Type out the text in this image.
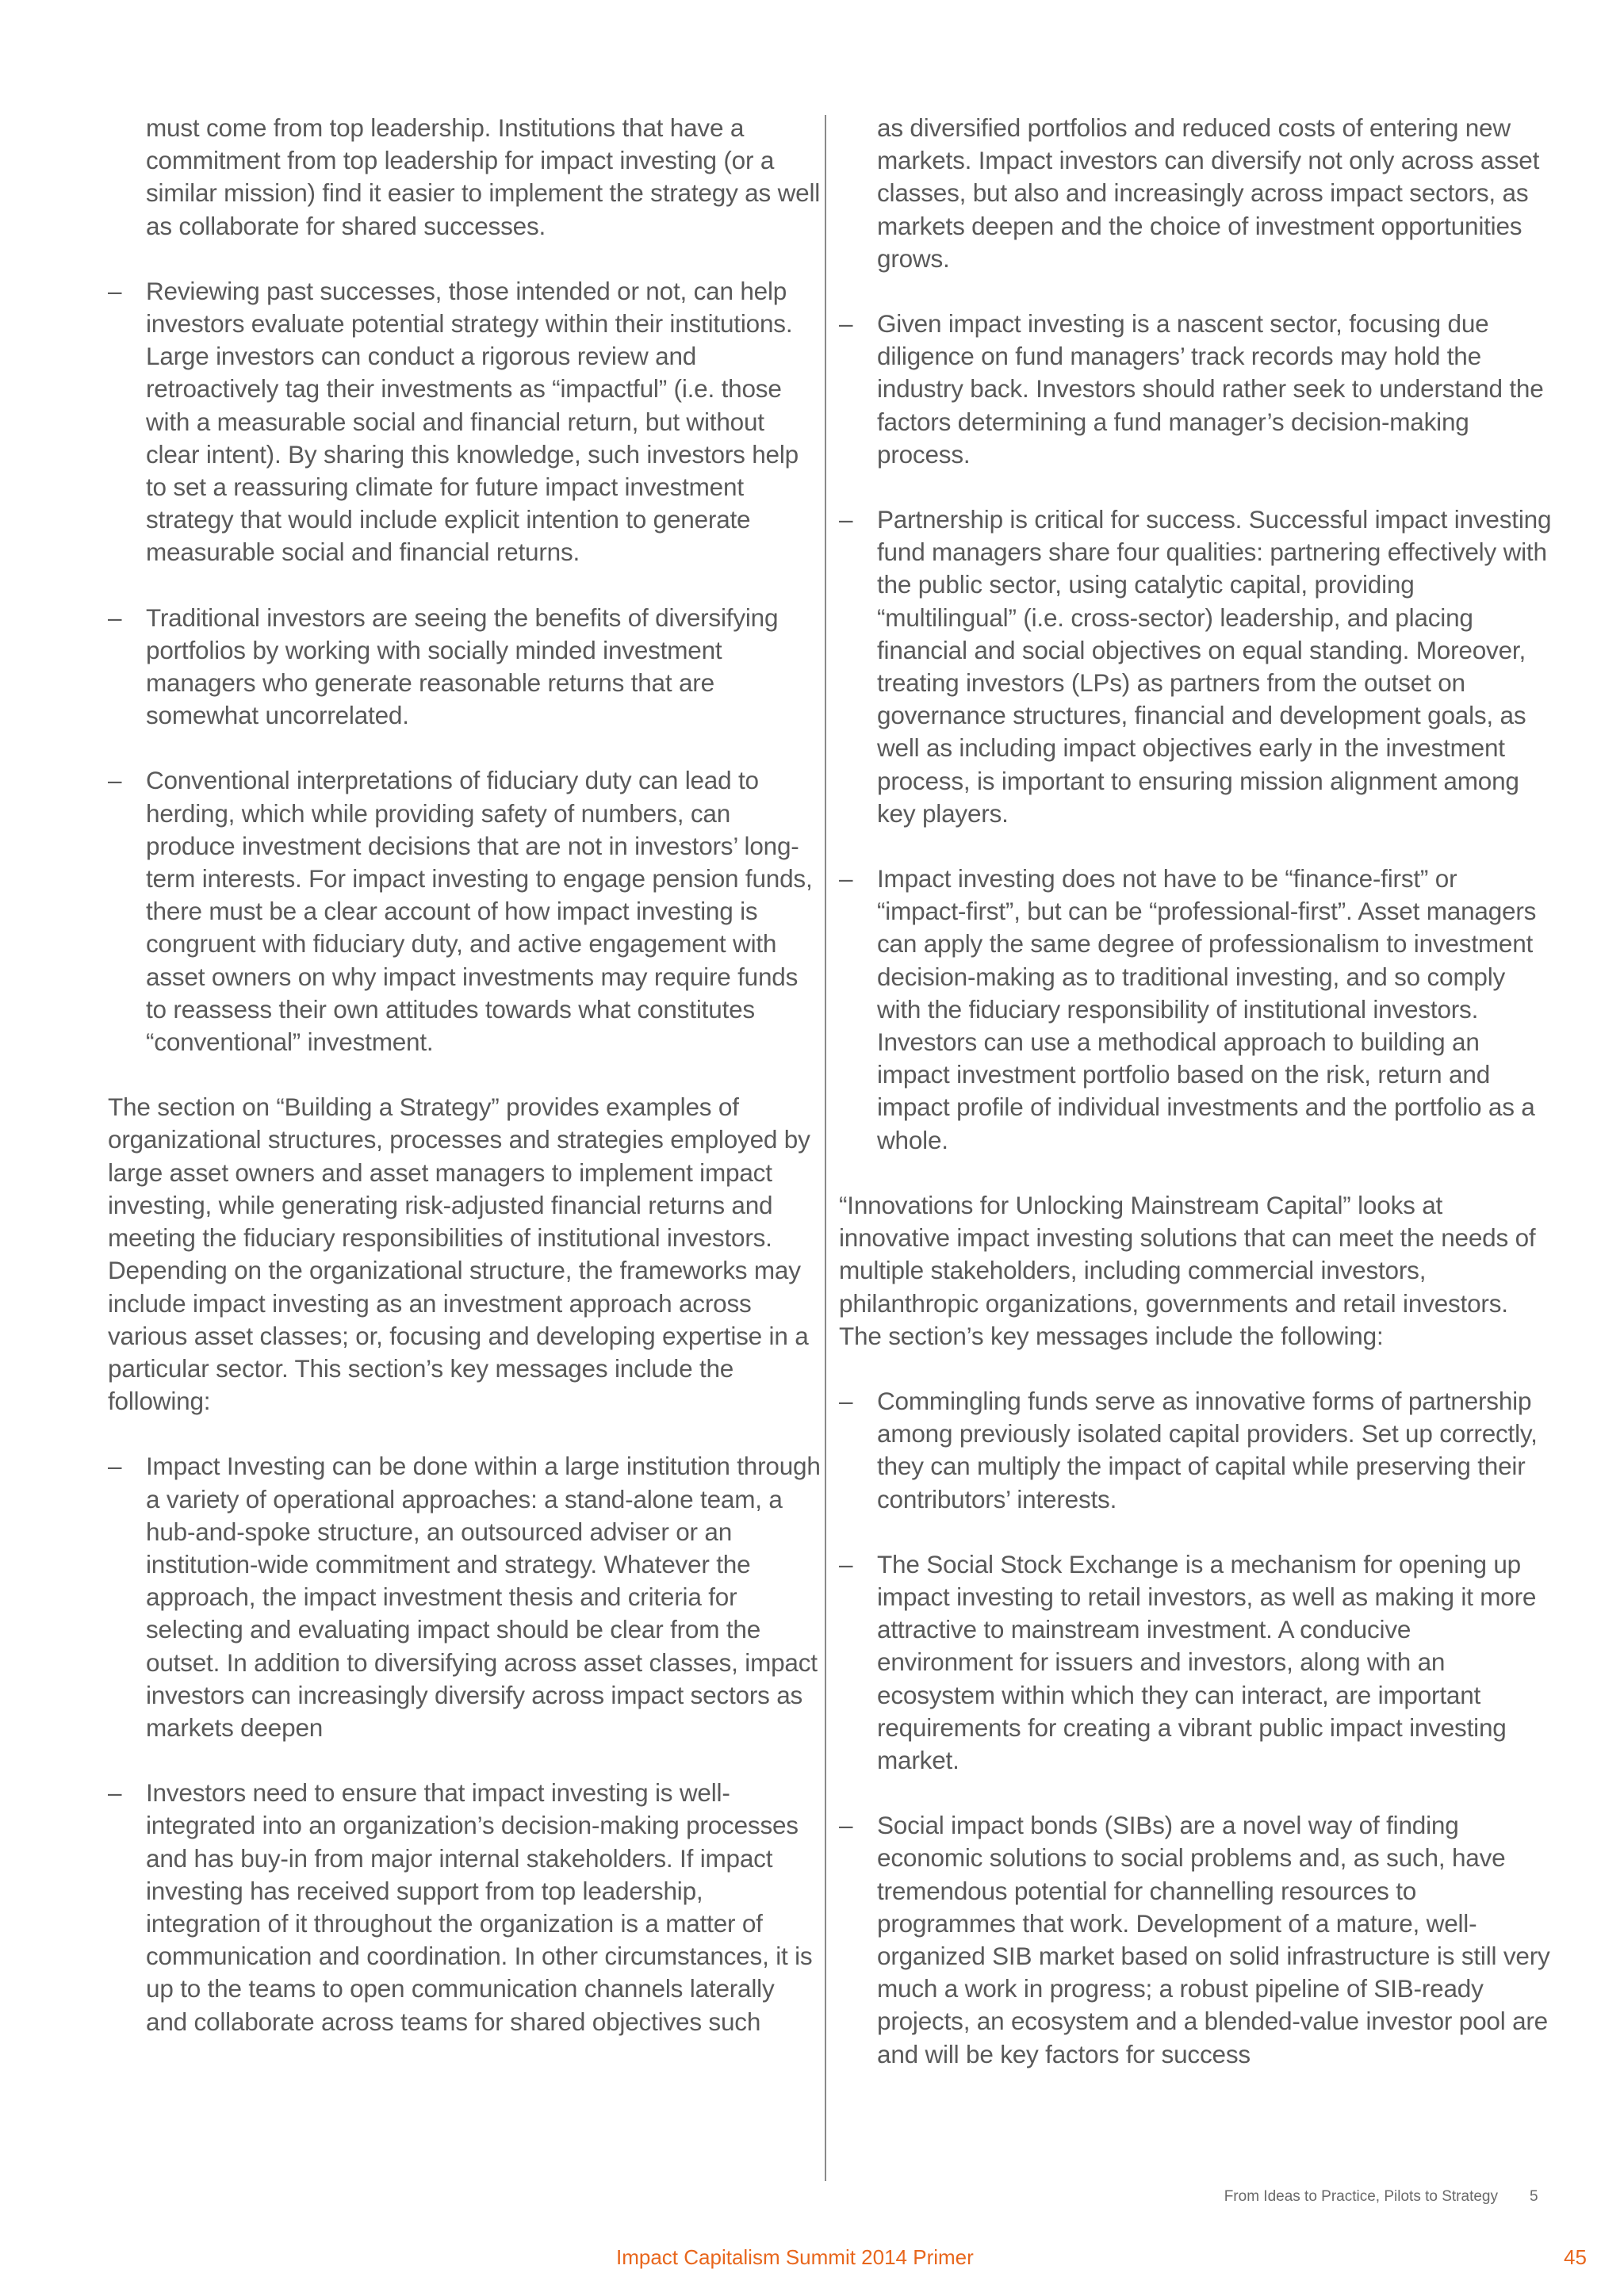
must come from top leadership. Institutions that have a commitment from top leadership for impact investing (or a similar mission) find it easier to implement the strategy as well as collaborate for shared successes.

– Reviewing past successes, those intended or not, can help investors evaluate potential strategy within their institutions. Large investors can conduct a rigorous review and retroactively tag their investments as “impactful” (i.e. those with a measurable social and financial return, but without clear intent). By sharing this knowledge, such investors help to set a reassuring climate for future impact investment strategy that would include explicit intention to generate measurable social and financial returns.
– Traditional investors are seeing the benefits of diversifying portfolios by working with socially minded investment managers who generate reasonable returns that are somewhat uncorrelated.
– Conventional interpretations of fiduciary duty can lead to herding, which while providing safety of numbers, can produce investment decisions that are not in investors’ long-term interests. For impact investing to engage pension funds, there must be a clear account of how impact investing is congruent with fiduciary duty, and active engagement with asset owners on why impact investments may require funds to reassess their own attitudes towards what constitutes “conventional” investment.

The section on “Building a Strategy” provides examples of organizational structures, processes and strategies employed by large asset owners and asset managers to implement impact investing, while generating risk-adjusted financial returns and meeting the fiduciary responsibilities of institutional investors. Depending on the organizational structure, the frameworks may include impact investing as an investment approach across various asset classes; or, focusing and developing expertise in a particular sector. This section’s key messages include the following:

– Impact Investing can be done within a large institution through a variety of operational approaches: a stand-alone team, a hub-and-spoke structure, an outsourced adviser or an institution-wide commitment and strategy. Whatever the approach, the impact investment thesis and criteria for selecting and evaluating impact should be clear from the outset. In addition to diversifying across asset classes, impact investors can increasingly diversify across impact sectors as markets deepen
– Investors need to ensure that impact investing is well-integrated into an organization’s decision-making processes and has buy-in from major internal stakeholders. If impact investing has received support from top leadership, integration of it throughout the organization is a matter of communication and coordination. In other circumstances, it is up to the teams to open communication channels laterally and collaborate across teams for shared objectives such

as diversified portfolios and reduced costs of entering new markets. Impact investors can diversify not only across asset classes, but also and increasingly across impact sectors, as markets deepen and the choice of investment opportunities grows.

– Given impact investing is a nascent sector, focusing due diligence on fund managers’ track records may hold the industry back. Investors should rather seek to understand the factors determining a fund manager’s decision-making process.
– Partnership is critical for success. Successful impact investing fund managers share four qualities: partnering effectively with the public sector, using catalytic capital, providing “multilingual” (i.e. cross-sector) leadership, and placing financial and social objectives on equal standing. Moreover, treating investors (LPs) as partners from the outset on governance structures, financial and development goals, as well as including impact objectives early in the investment process, is important to ensuring mission alignment among key players.
– Impact investing does not have to be “finance-first” or “impact-first”, but can be “professional-first”. Asset managers can apply the same degree of professionalism to investment decision-making as to traditional investing, and so comply with the fiduciary responsibility of institutional investors. Investors can use a methodical approach to building an impact investment portfolio based on the risk, return and impact profile of individual investments and the portfolio as a whole.

“Innovations for Unlocking Mainstream Capital” looks at innovative impact investing solutions that can meet the needs of multiple stakeholders, including commercial investors, philanthropic organizations, governments and retail investors. The section’s key messages include the following:

– Commingling funds serve as innovative forms of partnership among previously isolated capital providers. Set up correctly, they can multiply the impact of capital while preserving their contributors’ interests.
– The Social Stock Exchange is a mechanism for opening up impact investing to retail investors, as well as making it more attractive to mainstream investment. A conducive environment for issuers and investors, along with an ecosystem within which they can interact, are important requirements for creating a vibrant public impact investing market.
– Social impact bonds (SIBs) are a novel way of finding economic solutions to social problems and, as such, have tremendous potential for channelling resources to programmes that work. Development of a mature, well-organized SIB market based on solid infrastructure is still very much a work in progress; a robust pipeline of SIB-ready projects, an ecosystem and a blended-value investor pool are and will be key factors for success
From Ideas to Practice, Pilots to Strategy 5
Impact Capitalism Summit 2014 Primer	45
